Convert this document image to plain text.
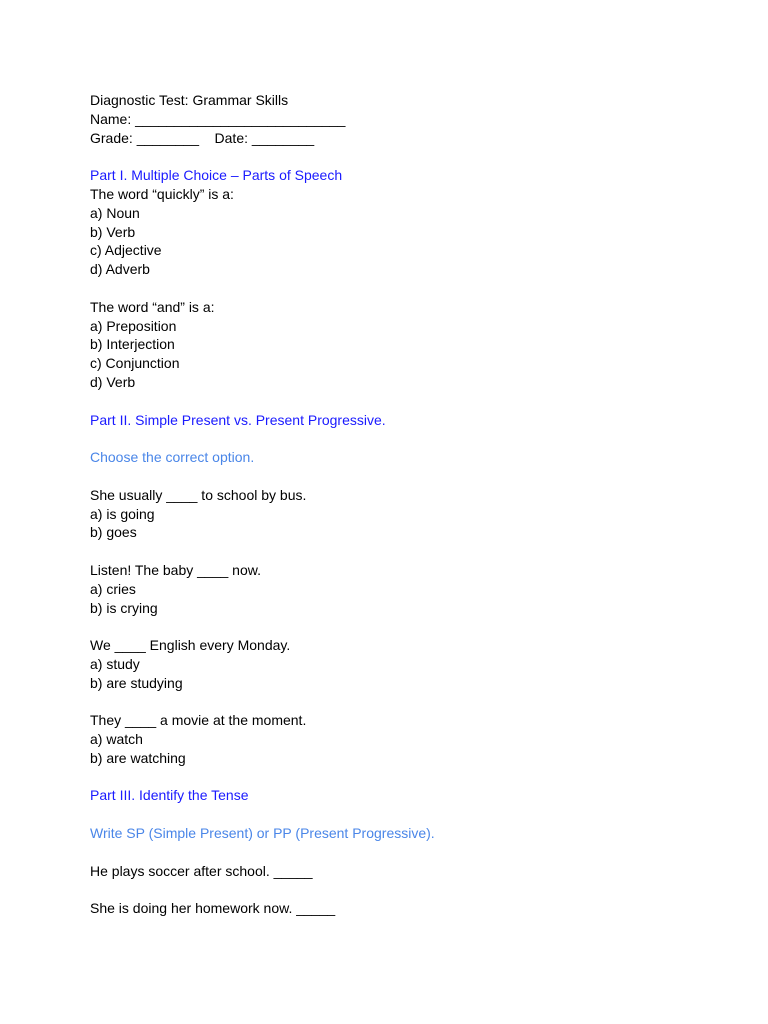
Diagnostic Test: Grammar Skills
Name: ___________________________
Grade: ________    Date: ________
Part I. Multiple Choice – Parts of Speech
The word “quickly” is a:
a) Noun
b) Verb
c) Adjective
d) Adverb
The word “and” is a:
a) Preposition
b) Interjection
c) Conjunction
d) Verb
Part II. Simple Present vs. Present Progressive.
Choose the correct option.
She usually ____ to school by bus.
a) is going
b) goes
Listen! The baby ____ now.
a) cries
b) is crying
We ____ English every Monday.
a) study
b) are studying
They ____ a movie at the moment.
a) watch
b) are watching
Part III. Identify the Tense
Write SP (Simple Present) or PP (Present Progressive).
He plays soccer after school. _____
She is doing her homework now. _____
